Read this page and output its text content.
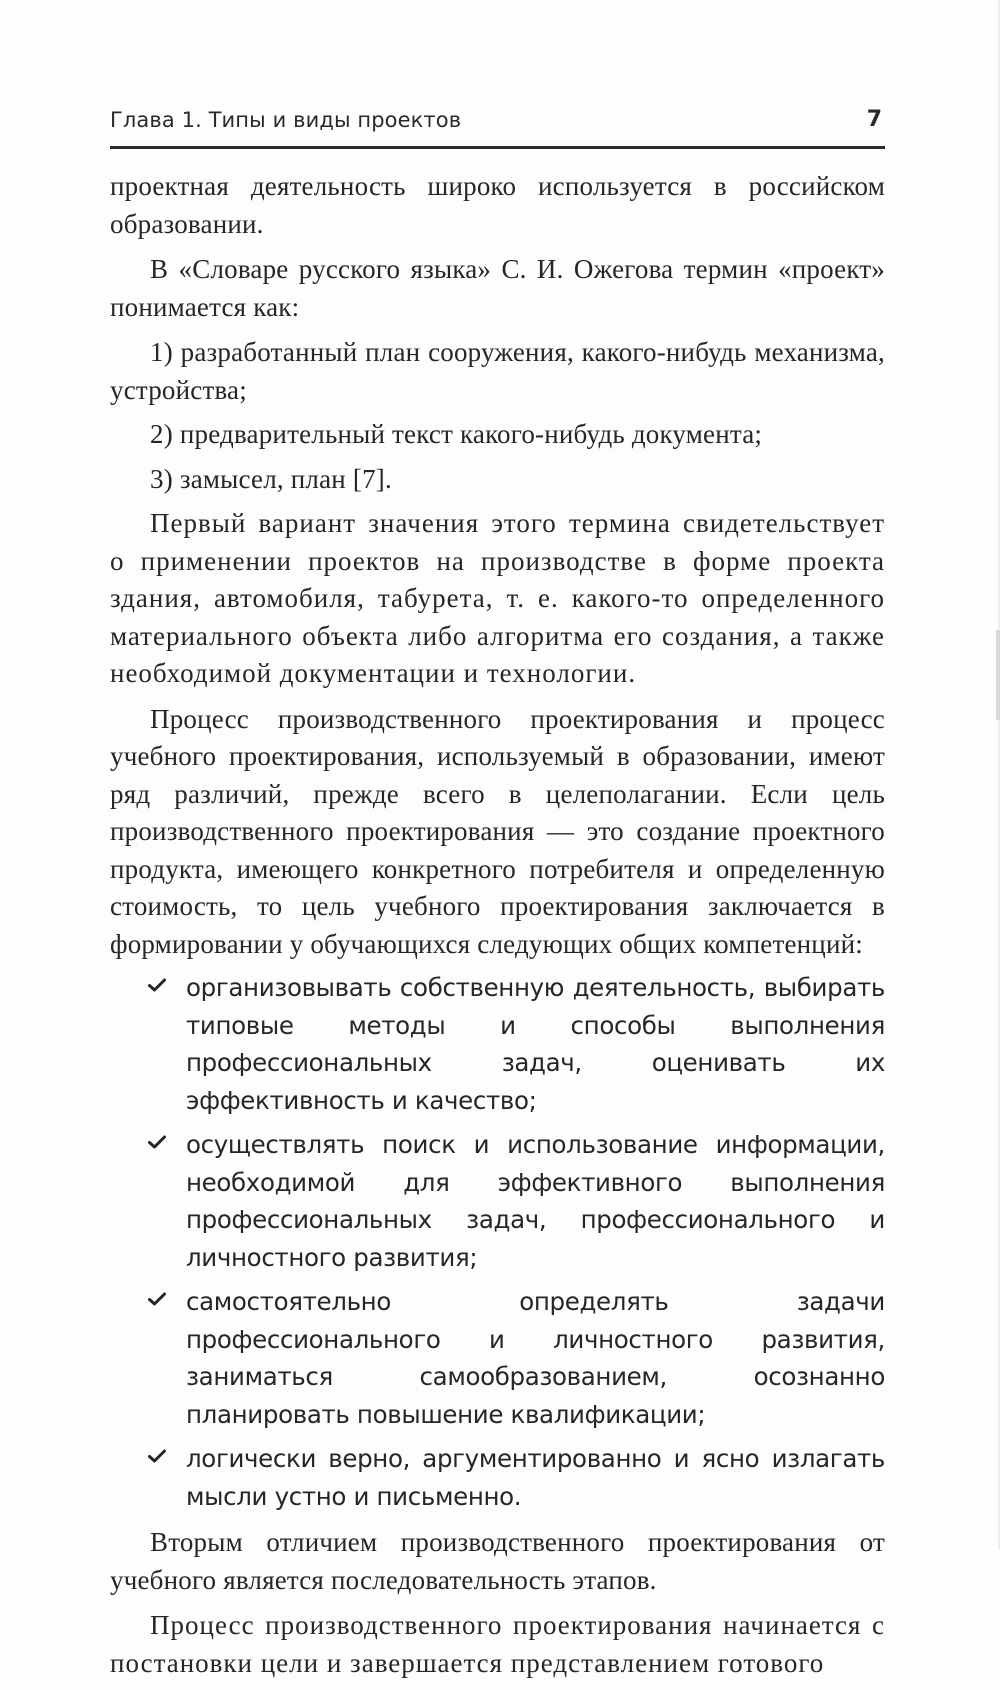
Глава 1. Типы и виды проектов	7

проектная деятельность широко используется в российском образовании.

В «Словаре русского языка» С. И. Ожегова термин «проект» понимается как:

1) разработанный план сооружения, какого-нибудь механизма, устройства;

2) предварительный текст какого-нибудь документа;

3) замысел, план [7].

Первый вариант значения этого термина свидетельствует о применении проектов на производстве в форме проекта здания, автомобиля, табурета, т. е. какого-то определенного материального объекта либо алгоритма его создания, а также необходимой документации и технологии.

Процесс производственного проектирования и процесс учебного проектирования, используемый в образовании, имеют ряд различий, прежде всего в целеполагании. Если цель производственного проектирования — это создание проектного продукта, имеющего конкретного потребителя и определенную стоимость, то цель учебного проектирования заключается в формировании у обучающихся следующих общих компетенций:

организовывать собственную деятельность, выбирать типовые методы и способы выполнения профессиональных задач, оценивать их эффективность и качество;
осуществлять поиск и использование информации, необходимой для эффективного выполнения профессиональных задач, профессионального и личностного развития;
самостоятельно определять задачи профессионального и личностного развития, заниматься самообразованием, осознанно планировать повышение квалификации;
логически верно, аргументированно и ясно излагать мысли устно и письменно.

Вторым отличием производственного проектирования от учебного является последовательность этапов.

Процесс производственного проектирования начинается с постановки цели и завершается представлением готового
